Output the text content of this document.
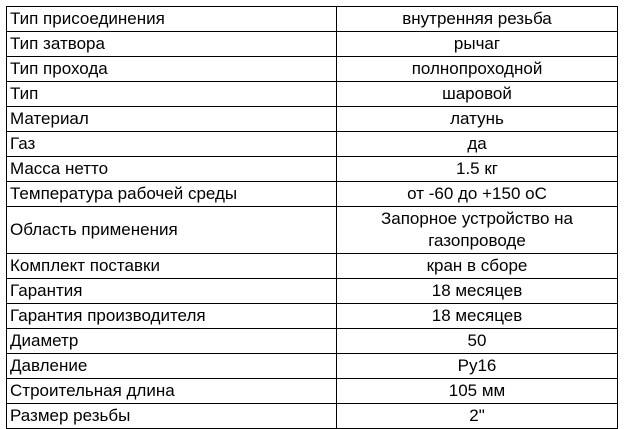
Тип присоединения	внутренняя резьба
Тип затвора	рычаг
Тип прохода	полнопроходной
Тип	шаровой
Материал	латунь
Газ	да
Масса нетто	1.5 кг
Температура рабочей среды	от -60 до +150 оС
Область применения	Запорное устройство на газопроводе
Комплект поставки	кран в сборе
Гарантия	18 месяцев
Гарантия производителя	18 месяцев
Диаметр	50
Давление	Ру16
Строительная длина	105 мм
Размер резьбы	2"
